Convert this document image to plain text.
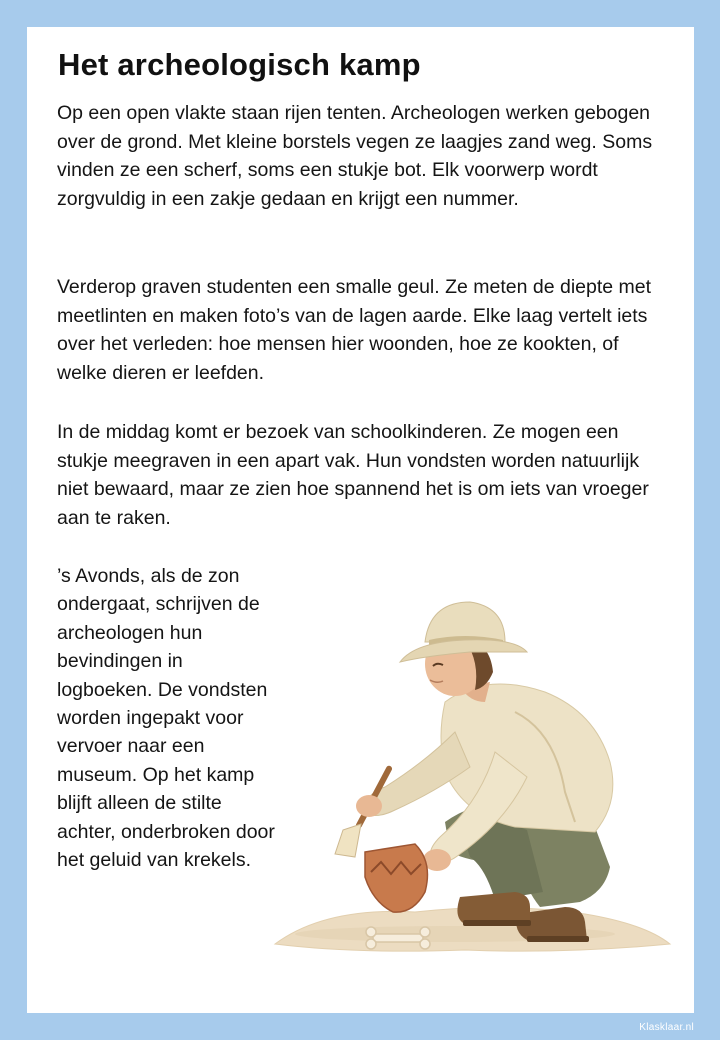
Het archeologisch kamp

Op een open vlakte staan rijen tenten. Archeologen werken gebogen over de grond. Met kleine borstels vegen ze laagjes zand weg. Soms vinden ze een scherf, soms een stukje bot. Elk voorwerp wordt zorgvuldig in een zakje gedaan en krijgt een nummer.

Verderop graven studenten een smalle geul. Ze meten de diepte met meetlinten en maken foto’s van de lagen aarde. Elke laag vertelt iets over het verleden: hoe mensen hier woonden, hoe ze kookten, of welke dieren er leefden.

In de middag komt er bezoek van schoolkinderen. Ze mogen een stukje meegraven in een apart vak. Hun vondsten worden natuurlijk niet bewaard, maar ze zien hoe spannend het is om iets van vroeger aan te raken.

’s Avonds, als de zon ondergaat, schrijven de archeologen hun bevindingen in logboeken. De vondsten worden ingepakt voor vervoer naar een museum. Op het kamp blijft alleen de stilte achter, onderbroken door het geluid van krekels.

Klasklaar.nl
